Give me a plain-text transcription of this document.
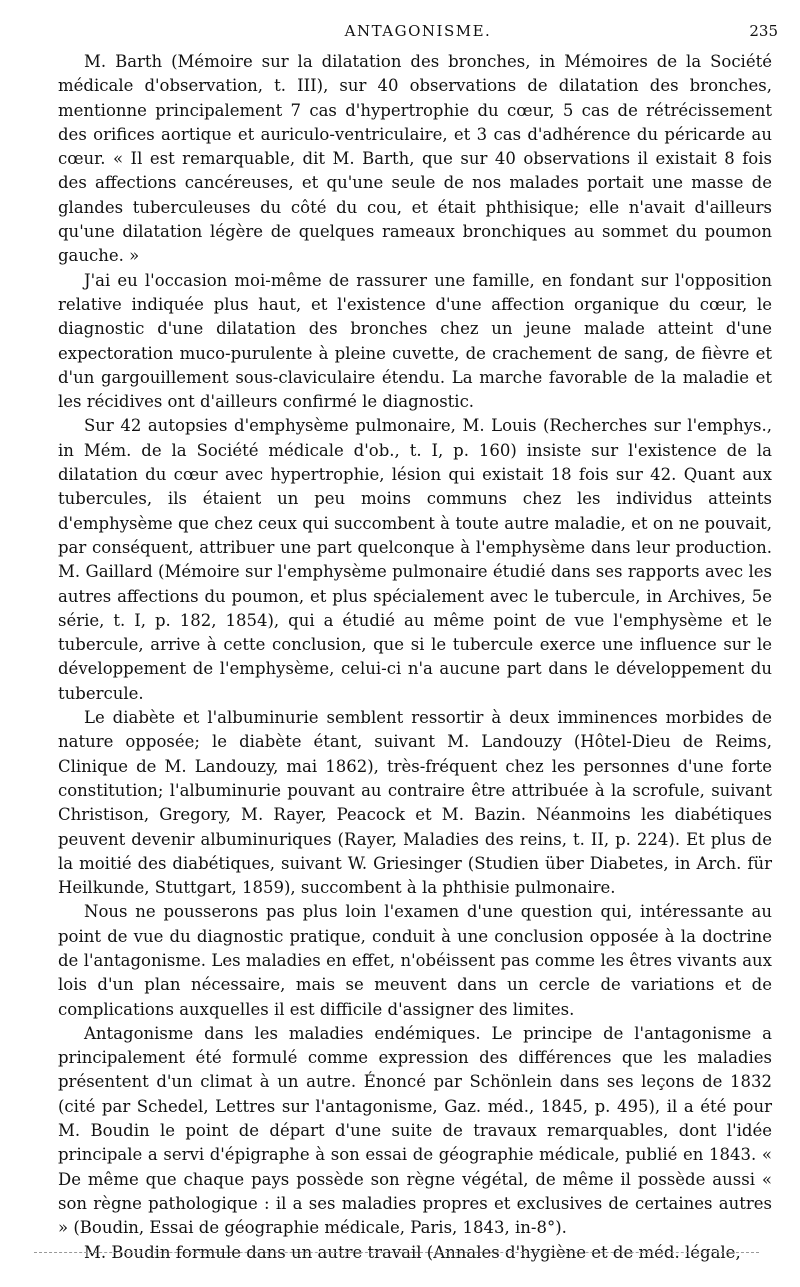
ANTAGONISME.	235

M. Barth (Mémoire sur la dilatation des bronches, in Mémoires de la Société médicale d'observation, t. III), sur 40 observations de dilatation des bronches, mentionne principalement 7 cas d'hypertrophie du cœur, 5 cas de rétrécissement des orifices aortique et auriculo-ventriculaire, et 3 cas d'adhérence du péricarde au cœur. « Il est remarquable, dit M. Barth, que sur 40 observations il existait 8 fois des affections cancéreuses, et qu'une seule de nos malades portait une masse de glandes tuberculeuses du côté du cou, et était phthisique; elle n'avait d'ailleurs qu'une dilatation légère de quelques rameaux bronchiques au sommet du poumon gauche. »

J'ai eu l'occasion moi-même de rassurer une famille, en fondant sur l'opposition relative indiquée plus haut, et l'existence d'une affection organique du cœur, le diagnostic d'une dilatation des bronches chez un jeune malade atteint d'une expectoration muco-purulente à pleine cuvette, de crachement de sang, de fièvre et d'un gargouillement sous-claviculaire étendu. La marche favorable de la maladie et les récidives ont d'ailleurs confirmé le diagnostic.

Sur 42 autopsies d'emphysème pulmonaire, M. Louis (Recherches sur l'emphys., in Mém. de la Société médicale d'ob., t. I, p. 160) insiste sur l'existence de la dilatation du cœur avec hypertrophie, lésion qui existait 18 fois sur 42. Quant aux tubercules, ils étaient un peu moins communs chez les individus atteints d'emphysème que chez ceux qui succombent à toute autre maladie, et on ne pouvait, par conséquent, attribuer une part quelconque à l'emphysème dans leur production. M. Gaillard (Mémoire sur l'emphysème pulmonaire étudié dans ses rapports avec les autres affections du poumon, et plus spécialement avec le tubercule, in Archives, 5e série, t. I, p. 182, 1854), qui a étudié au même point de vue l'emphysème et le tubercule, arrive à cette conclusion, que si le tubercule exerce une influence sur le développement de l'emphysème, celui-ci n'a aucune part dans le développement du tubercule.

Le diabète et l'albuminurie semblent ressortir à deux imminences morbides de nature opposée; le diabète étant, suivant M. Landouzy (Hôtel-Dieu de Reims, Clinique de M. Landouzy, mai 1862), très-fréquent chez les personnes d'une forte constitution; l'albuminurie pouvant au contraire être attribuée à la scrofule, suivant Christison, Gregory, M. Rayer, Peacock et M. Bazin. Néanmoins les diabétiques peuvent devenir albuminuriques (Rayer, Maladies des reins, t. II, p. 224). Et plus de la moitié des diabétiques, suivant W. Griesinger (Studien über Diabetes, in Arch. für Heilkunde, Stuttgart, 1859), succombent à la phthisie pulmonaire.

Nous ne pousserons pas plus loin l'examen d'une question qui, intéressante au point de vue du diagnostic pratique, conduit à une conclusion opposée à la doctrine de l'antagonisme. Les maladies en effet, n'obéissent pas comme les êtres vivants aux lois d'un plan nécessaire, mais se meuvent dans un cercle de variations et de complications auxquelles il est difficile d'assigner des limites.

Antagonisme dans les maladies endémiques. Le principe de l'antagonisme a principalement été formulé comme expression des différences que les maladies présentent d'un climat à un autre. Énoncé par Schönlein dans ses leçons de 1832 (cité par Schedel, Lettres sur l'antagonisme, Gaz. méd., 1845, p. 495), il a été pour M. Boudin le point de départ d'une suite de travaux remarquables, dont l'idée principale a servi d'épigraphe à son essai de géographie médicale, publié en 1843. « De même que chaque pays possède son règne végétal, de même il possède aussi « son règne pathologique : il a ses maladies propres et exclusives de certaines autres » (Boudin, Essai de géographie médicale, Paris, 1843, in-8°).

M. Boudin formule dans un autre travail (Annales d'hygiène et de méd. légale,
